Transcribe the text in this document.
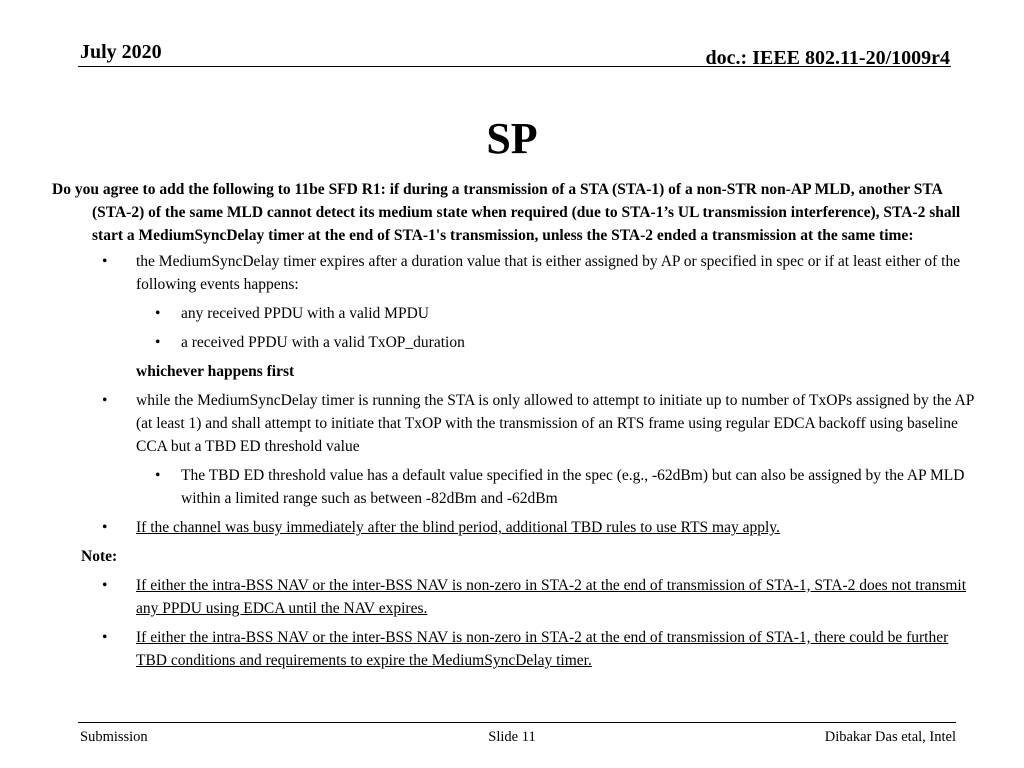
July 2020	doc.: IEEE 802.11-20/1009r4
SP
Do you agree to add the following to 11be SFD R1: if during a transmission of a STA (STA-1) of a non-STR non-AP MLD, another STA (STA-2) of the same MLD cannot detect its medium state when required (due to STA-1’s UL transmission interference), STA-2 shall start a MediumSyncDelay timer at the end of STA-1's transmission, unless the STA-2 ended a transmission at the same time:
• the MediumSyncDelay timer expires after a duration value that is either assigned by AP or specified in spec or if at least either of the following events happens:
• any received PPDU with a valid MPDU
• a received PPDU with a valid TxOP_duration
whichever happens first
• while the MediumSyncDelay timer is running the STA is only allowed to attempt to initiate up to number of TxOPs assigned by the AP (at least 1) and shall attempt to initiate that TxOP with the transmission of an RTS frame using regular EDCA backoff using baseline CCA but a TBD ED threshold value
• The TBD ED threshold value has a default value specified in the spec (e.g., -62dBm) but can also be assigned by the AP MLD within a limited range such as between -82dBm and -62dBm
• If the channel was busy immediately after the blind period, additional TBD rules to use RTS may apply.
Note:
• If either the intra-BSS NAV or the inter-BSS NAV is non-zero in STA-2 at the end of transmission of STA-1, STA-2 does not transmit any PPDU using EDCA until the NAV expires.
• If either the intra-BSS NAV or the inter-BSS NAV is non-zero in STA-2 at the end of transmission of STA-1, there could be further TBD conditions and requirements to expire the MediumSyncDelay timer.
Submission	Slide 11	Dibakar Das etal, Intel
